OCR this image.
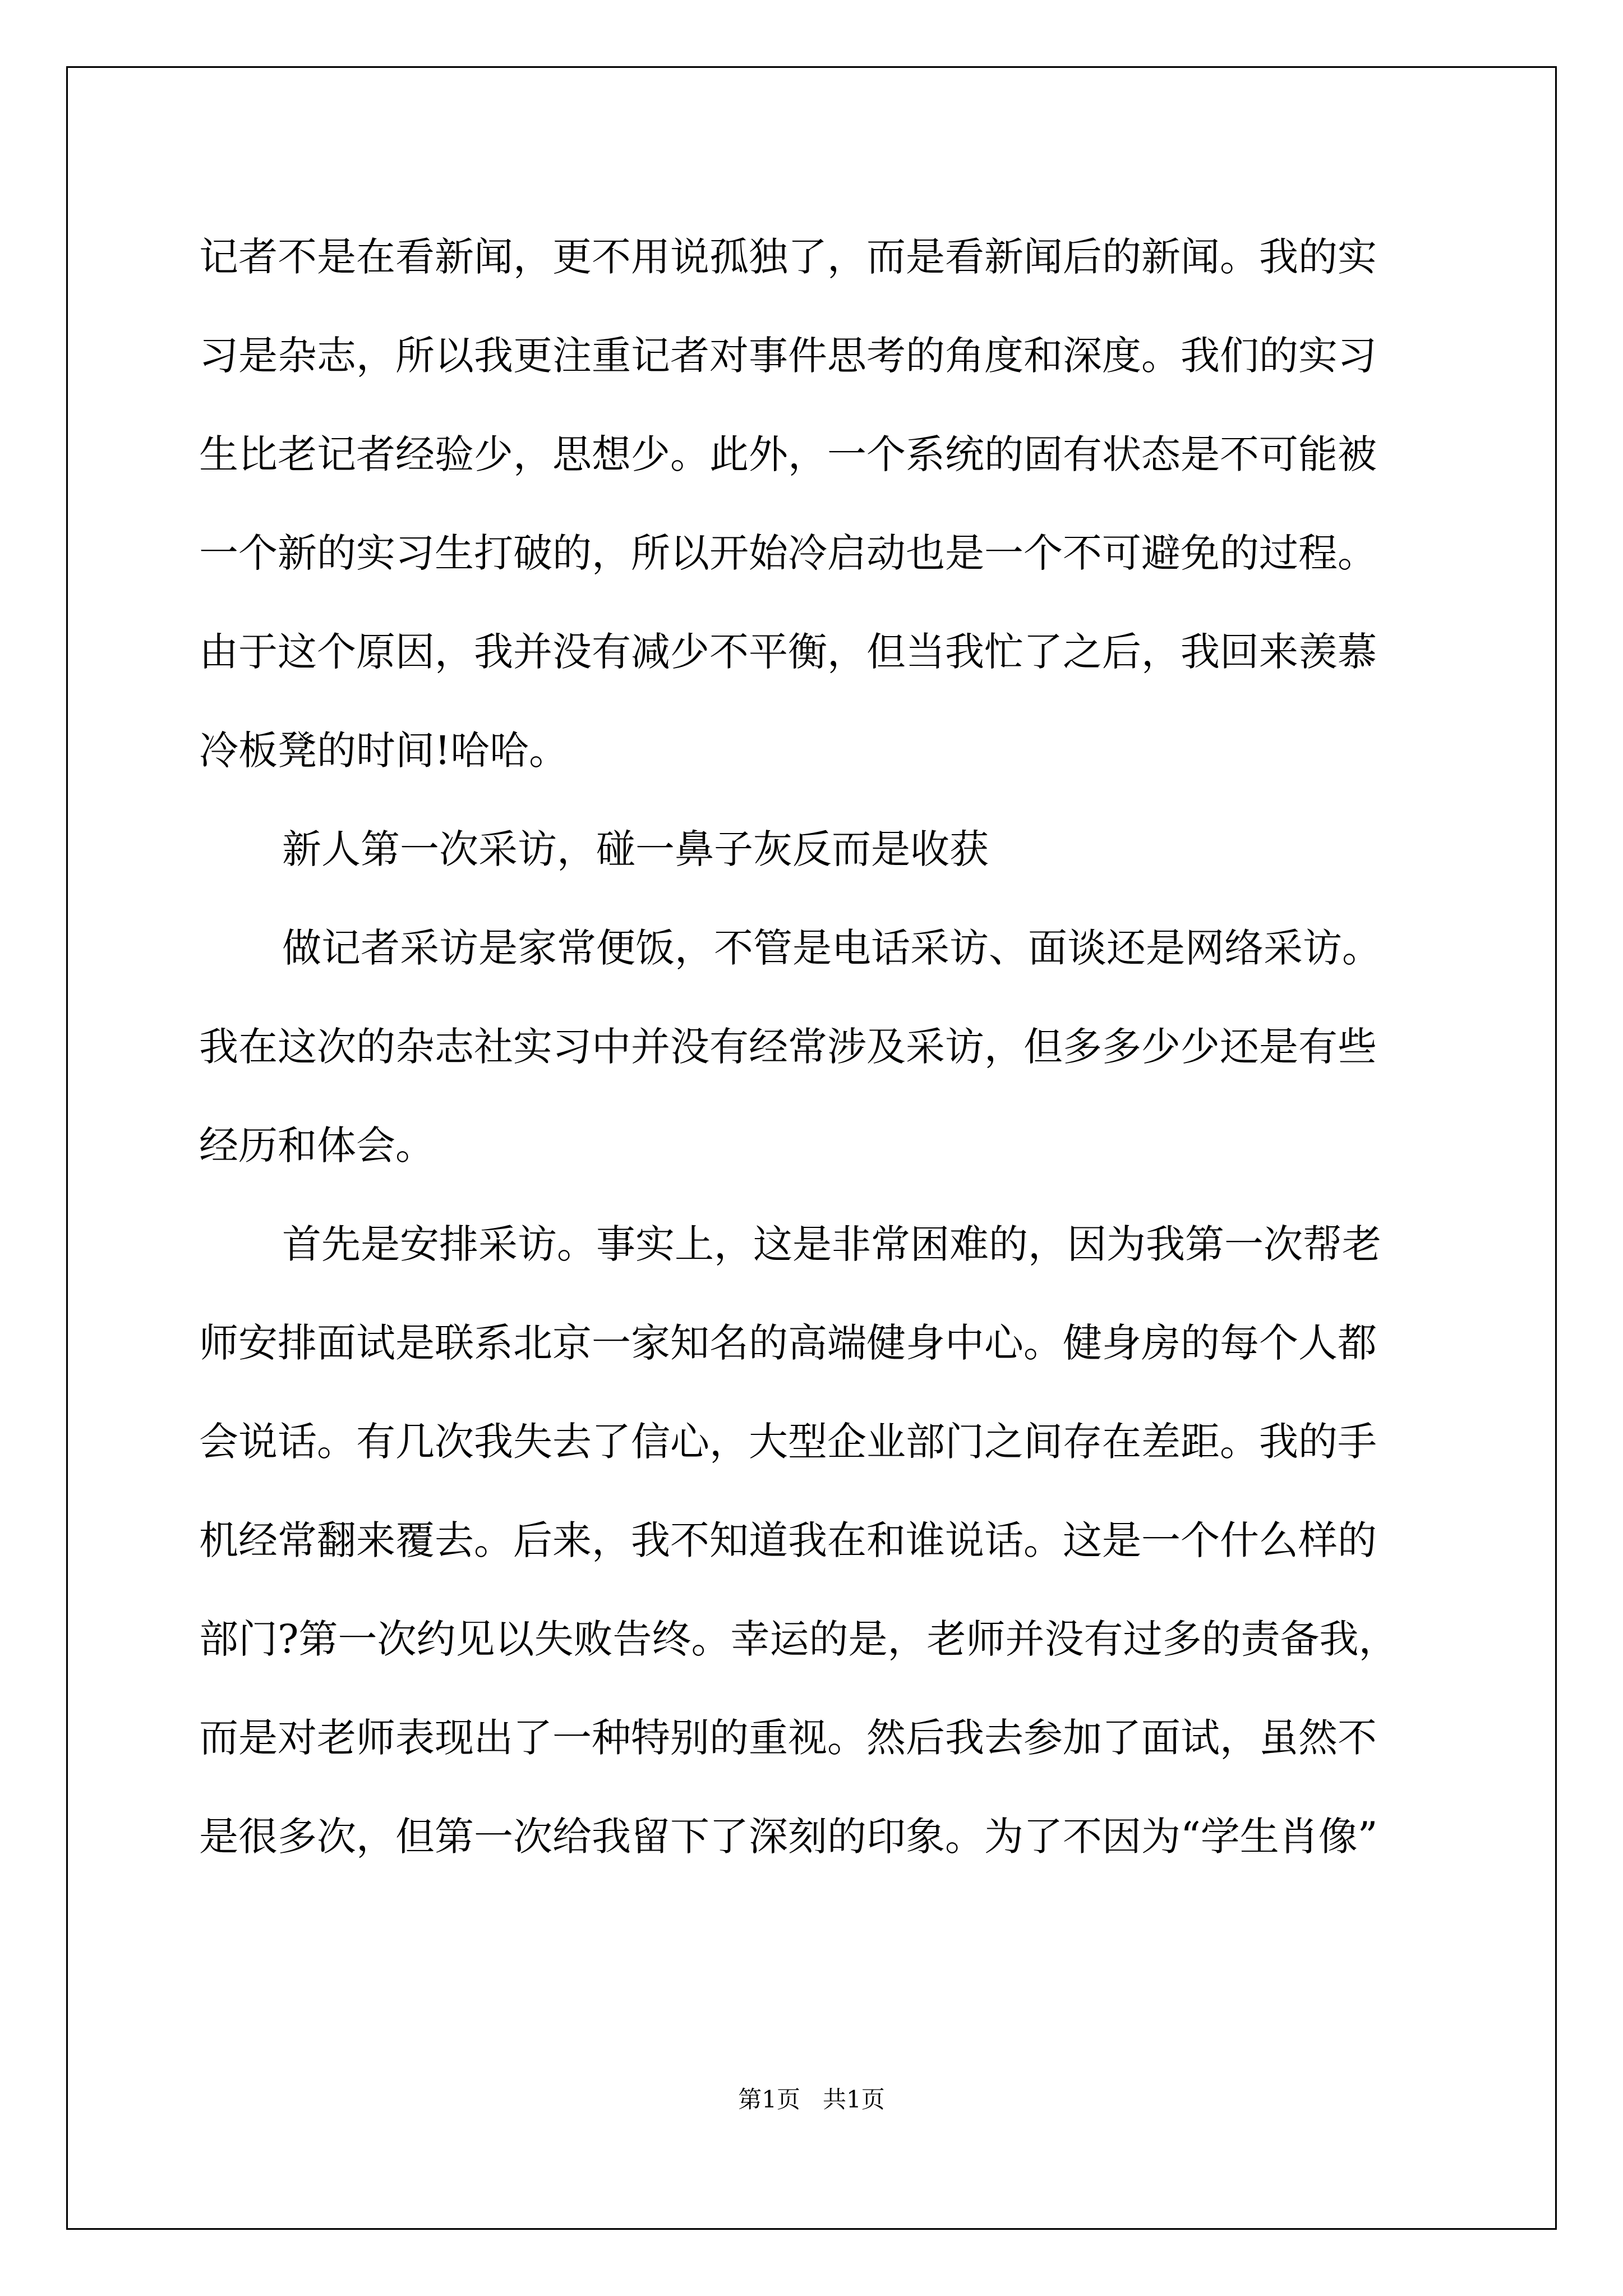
记者不是在看新闻，更不用说孤独了，而是看新闻后的新闻。我的实
习是杂志，所以我更注重记者对事件思考的角度和深度。我们的实习
生比老记者经验少，思想少。此外，一个系统的固有状态是不可能被
一个新的实习生打破的，所以开始冷启动也是一个不可避免的过程。
由于这个原因，我并没有减少不平衡，但当我忙了之后，我回来羡慕
冷板凳的时间!哈哈。
新人第一次采访，碰一鼻子灰反而是收获
做记者采访是家常便饭，不管是电话采访、面谈还是网络采访。
我在这次的杂志社实习中并没有经常涉及采访，但多多少少还是有些
经历和体会。
首先是安排采访。事实上，这是非常困难的，因为我第一次帮老
师安排面试是联系北京一家知名的高端健身中心。健身房的每个人都
会说话。有几次我失去了信心，大型企业部门之间存在差距。我的手
机经常翻来覆去。后来，我不知道我在和谁说话。这是一个什么样的
部门?第一次约见以失败告终。幸运的是，老师并没有过多的责备我，
而是对老师表现出了一种特别的重视。然后我去参加了面试，虽然不
是很多次，但第一次给我留下了深刻的印象。为了不因为“学生肖像”
第1页   共1页
